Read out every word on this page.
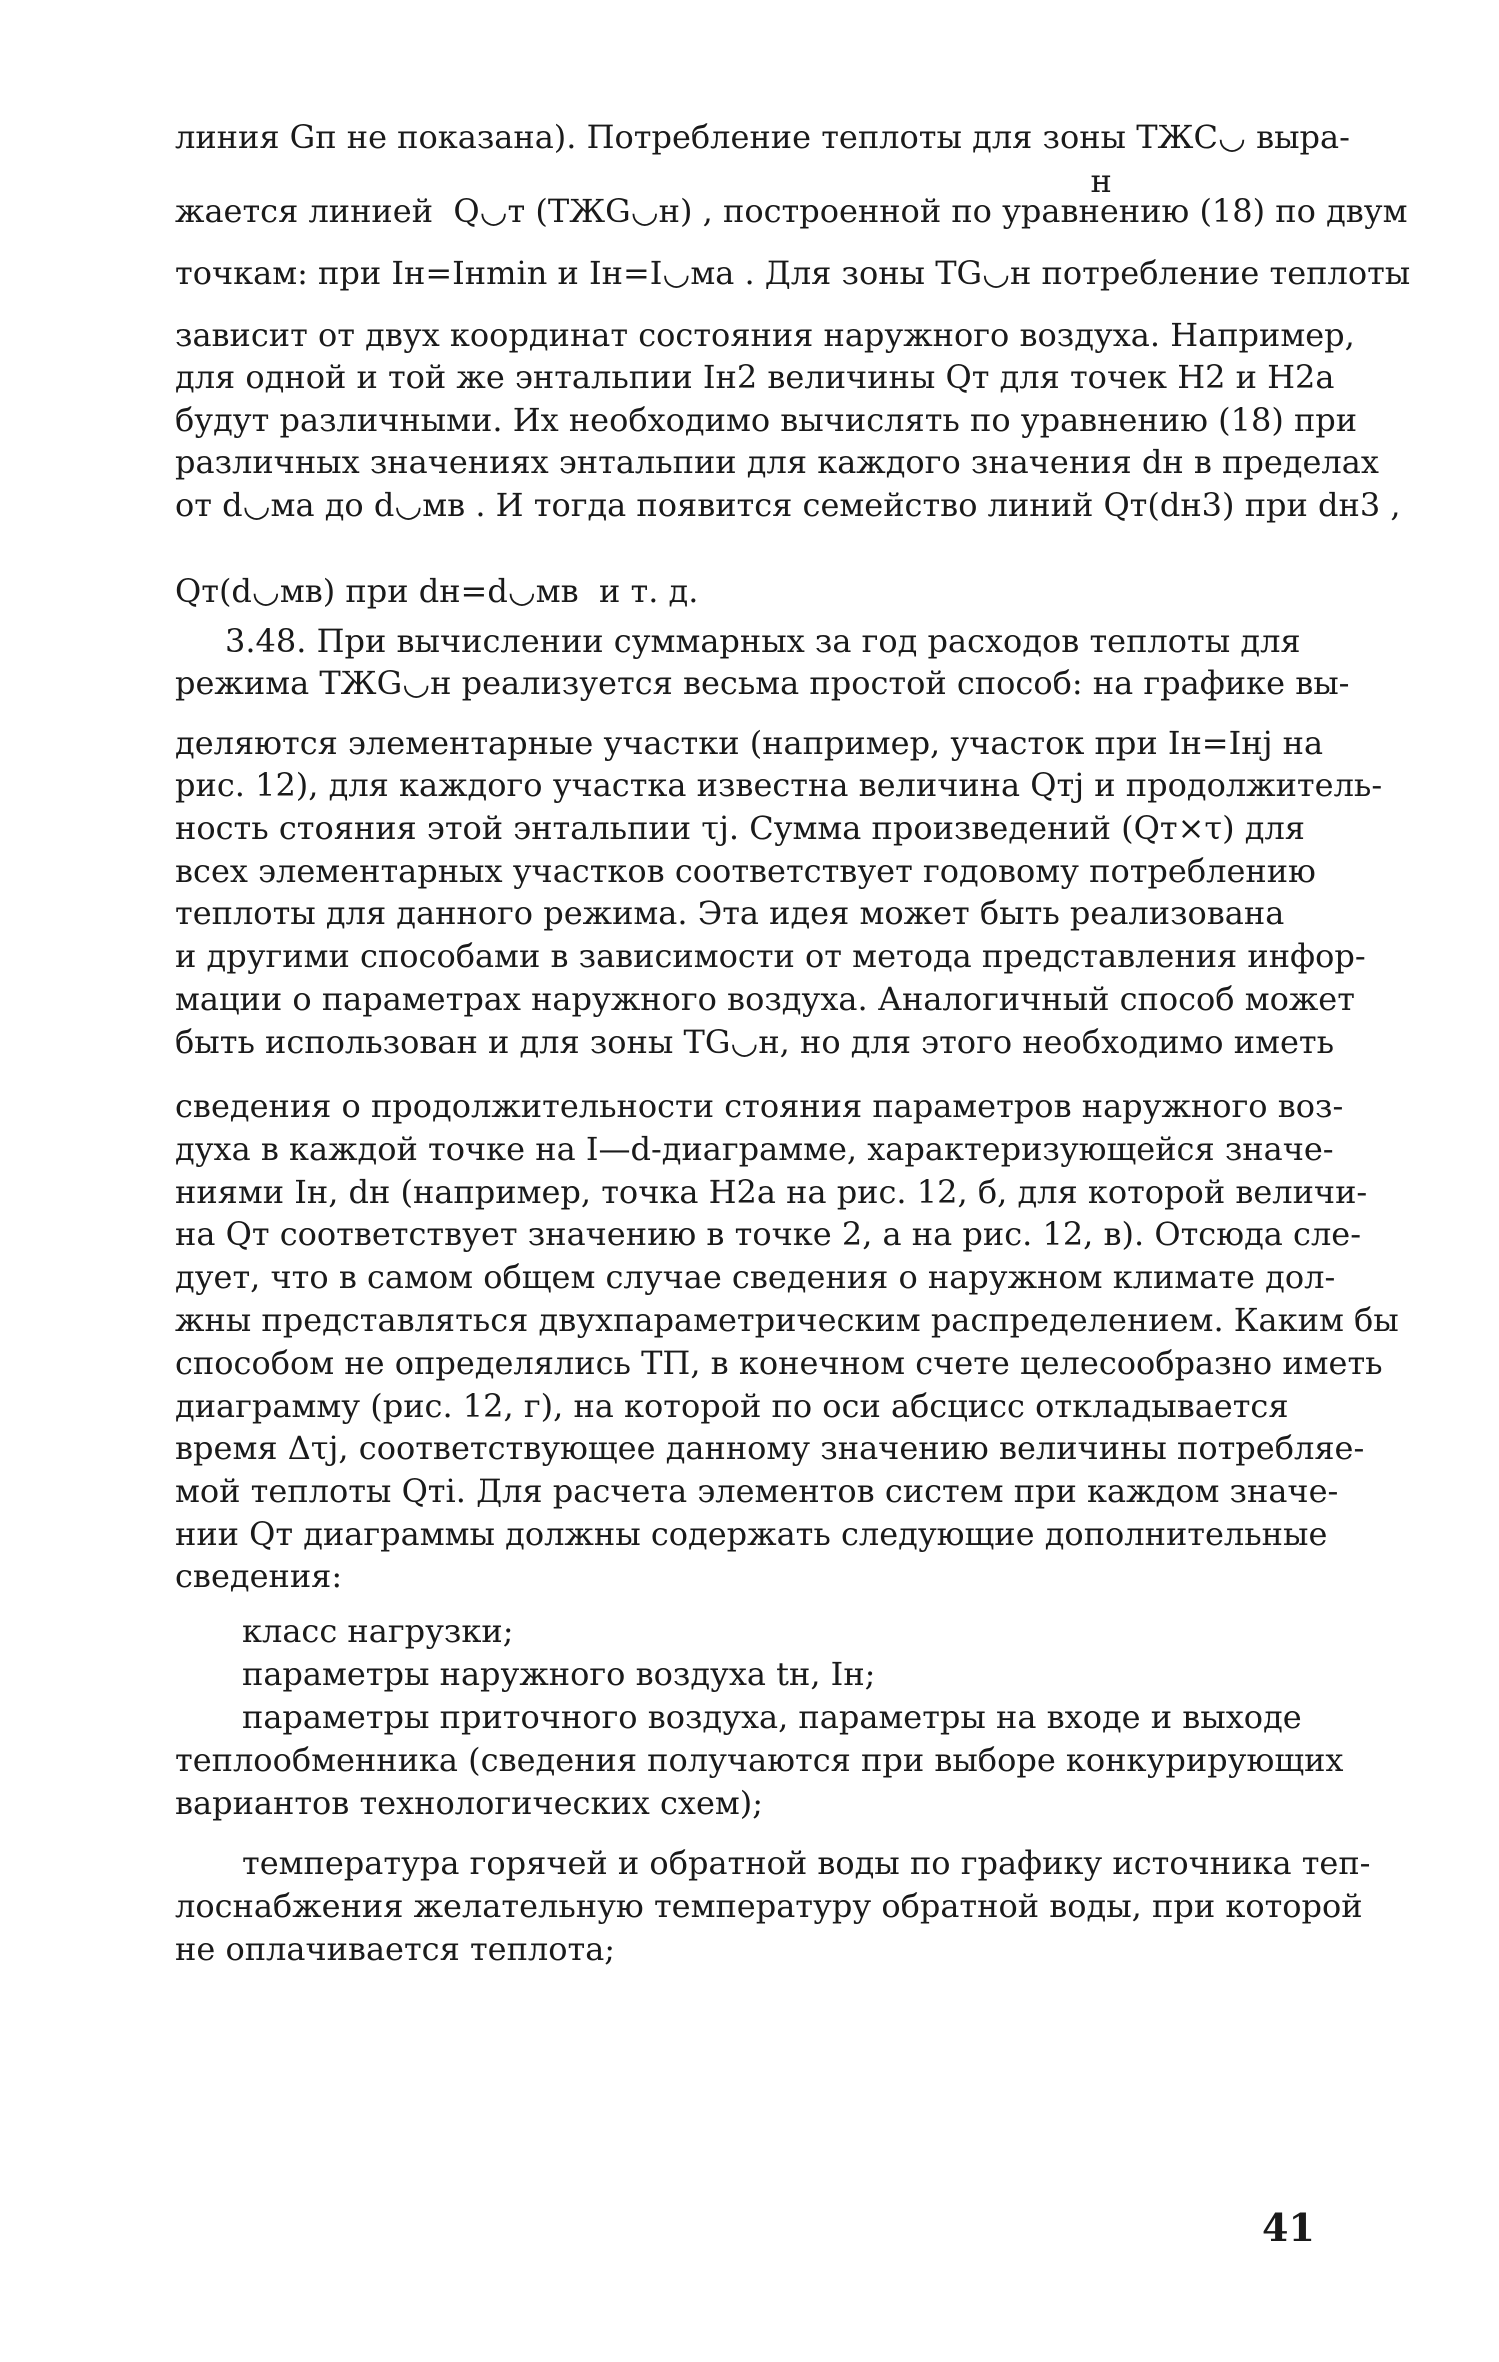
линия Gп не показана). Потребление теплоты для зоны ТЖС◡ выра-
н
жается линией  Q◡т (ТЖG◡н) , построенной по уравнению (18) по двум
точкам: при Iн=Iнmin и Iн=I◡ма . Для зоны TG◡н потребление теплоты
зависит от двух координат состояния наружного воздуха. Например,
для одной и той же энтальпии Iн2 величины Qт для точек H2 и H2a
будут различными. Их необходимо вычислять по уравнению (18) при
различных значениях энтальпии для каждого значения dн в пределах
от d◡ма до d◡мв . И тогда появится семейство линий Qт(dн3) при dн3 ,
Qт(d◡мв) при dн=d◡мв  и т. д.
3.48. При вычислении суммарных за год расходов теплоты для
режима ТЖG◡н реализуется весьма простой способ: на графике вы-
деляются элементарные участки (например, участок при Iн=Iнj на
рис. 12), для каждого участка известна величина Qтj и продолжитель-
ность стояния этой энтальпии τj. Сумма произведений (Qт×τ) для
всех элементарных участков соответствует годовому потреблению
теплоты для данного режима. Эта идея может быть реализована
и другими способами в зависимости от метода представления инфор-
мации о параметрах наружного воздуха. Аналогичный способ может
быть использован и для зоны TG◡н, но для этого необходимо иметь
сведения о продолжительности стояния параметров наружного воз-
духа в каждой точке на I—d-диаграмме, характеризующейся значе-
ниями Iн, dн (например, точка H2a на рис. 12, б, для которой величи-
на Qт соответствует значению в точке 2, а на рис. 12, в). Отсюда сле-
дует, что в самом общем случае сведения о наружном климате дол-
жны представляться двухпараметрическим распределением. Каким бы
способом не определялись ТП, в конечном счете целесообразно иметь
диаграмму (рис. 12, г), на которой по оси абсцисс откладывается
время Δτj, соответствующее данному значению величины потребляе-
мой теплоты Qтi. Для расчета элементов систем при каждом значе-
нии Qт диаграммы должны содержать следующие дополнительные
сведения:
класс нагрузки;
параметры наружного воздуха tн, Iн;
параметры приточного воздуха, параметры на входе и выходе
теплообменника (сведения получаются при выборе конкурирующих
вариантов технологических схем);
температура горячей и обратной воды по графику источника теп-
лоснабжения желательную температуру обратной воды, при которой
не оплачивается теплота;
41
